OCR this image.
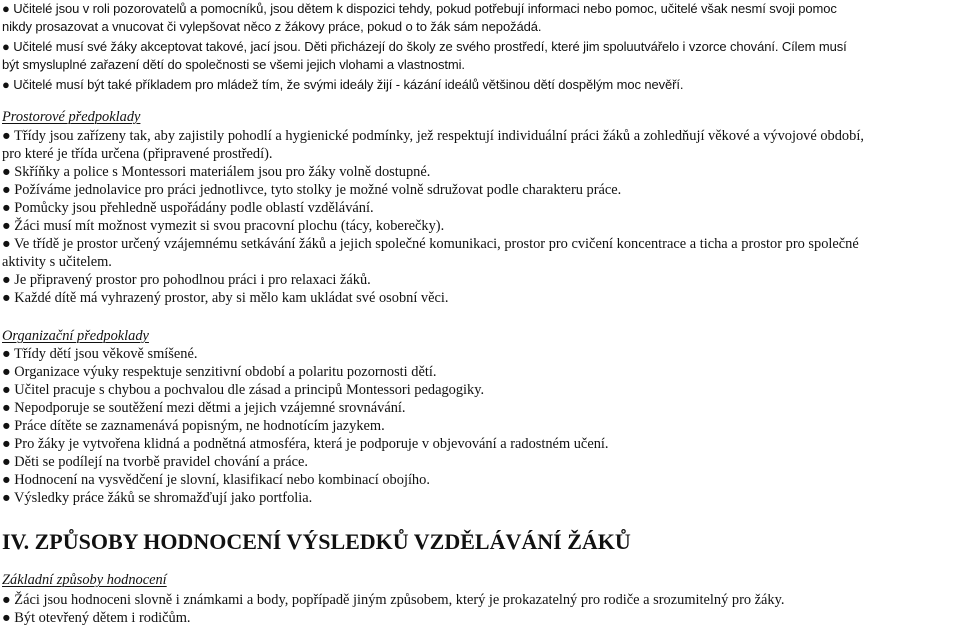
● Učitelé jsou v roli pozorovatelů a pomocníků, jsou dětem k dispozici tehdy, pokud potřebují informaci nebo pomoc, učitelé však nesmí svoji pomoc
nikdy prosazovat a vnucovat či vylepšovat něco z žákovy práce, pokud o to žák sám nepožádá.
● Učitelé musí své žáky akceptovat takové, jací jsou. Děti přicházejí do školy ze svého prostředí, které jim spoluutvářelo i vzorce chování. Cílem musí
být smysluplné zařazení dětí do společnosti se všemi jejich vlohami a vlastnostmi.
● Učitelé musí být také příkladem pro mládež tím, že svými ideály žijí - kázání ideálů většinou dětí dospělým moc nevěří.
Prostorové předpoklady
● Třídy jsou zařízeny tak, aby zajistily pohodlí a hygienické podmínky, jež respektují individuální práci žáků a zohledňují věkové a vývojové období,
pro které je třída určena (připravené prostředí).
● Skříňky a police s Montessori materiálem jsou pro žáky volně dostupné.
● Požíváme jednolavice pro práci jednotlivce, tyto stolky je možné volně sdružovat podle charakteru práce.
● Pomůcky jsou přehledně uspořádány podle oblastí vzdělávání.
● Žáci musí mít možnost vymezit si svou pracovní plochu (tácy, koberečky).
● Ve třídě je prostor určený vzájemnému setkávání žáků a jejich společné komunikaci, prostor pro cvičení koncentrace a ticha a prostor pro společné
aktivity s učitelem.
● Je připravený prostor pro pohodlnou práci i pro relaxaci žáků.
● Každé dítě má vyhrazený prostor, aby si mělo kam ukládat své osobní věci.
Organizační předpoklady
● Třídy dětí jsou věkově smíšené.
● Organizace výuky respektuje senzitivní období a polaritu pozornosti dětí.
● Učitel pracuje s chybou a pochvalou dle zásad a principů Montessori pedagogiky.
● Nepodporuje se soutěžení mezi dětmi a jejich vzájemné srovnávání.
● Práce dítěte se zaznamenává popisným, ne hodnotícím jazykem.
● Pro žáky je vytvořena klidná a podnětná atmosféra, která je podporuje v objevování a radostném učení.
● Děti se podílejí na tvorbě pravidel chování a práce.
● Hodnocení na vysvědčení je slovní, klasifikací nebo kombinací obojího.
● Výsledky práce žáků se shromažďují jako portfolia.
IV. ZPŮSOBY HODNOCENÍ VÝSLEDKŮ VZDĚLÁVÁNÍ ŽÁKŮ
Základní způsoby hodnocení
● Žáci jsou hodnoceni slovně i známkami a body, popřípadě jiným způsobem, který je prokazatelný pro rodiče a srozumitelný pro žáky.
● Být otevřený dětem i rodičům.
